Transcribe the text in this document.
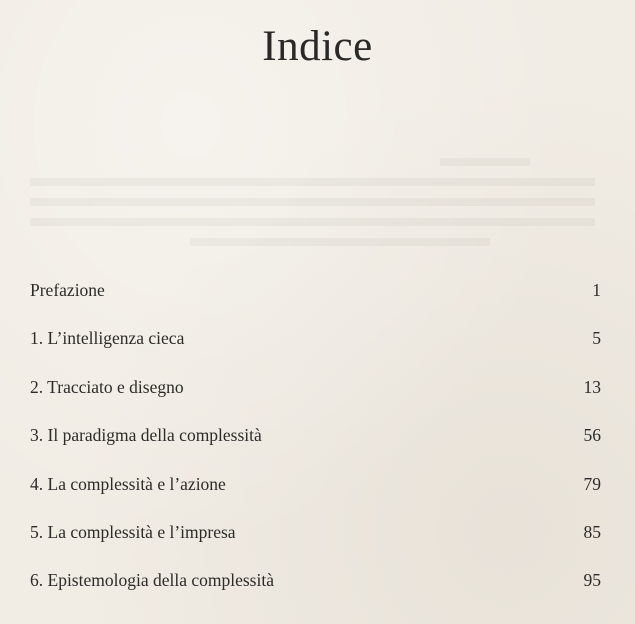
Indice
Prefazione	1
1. L’intelligenza cieca	5
2. Tracciato e disegno	13
3. Il paradigma della complessità	56
4. La complessità e l’azione	79
5. La complessità e l’impresa	85
6. Epistemologia della complessità	95
